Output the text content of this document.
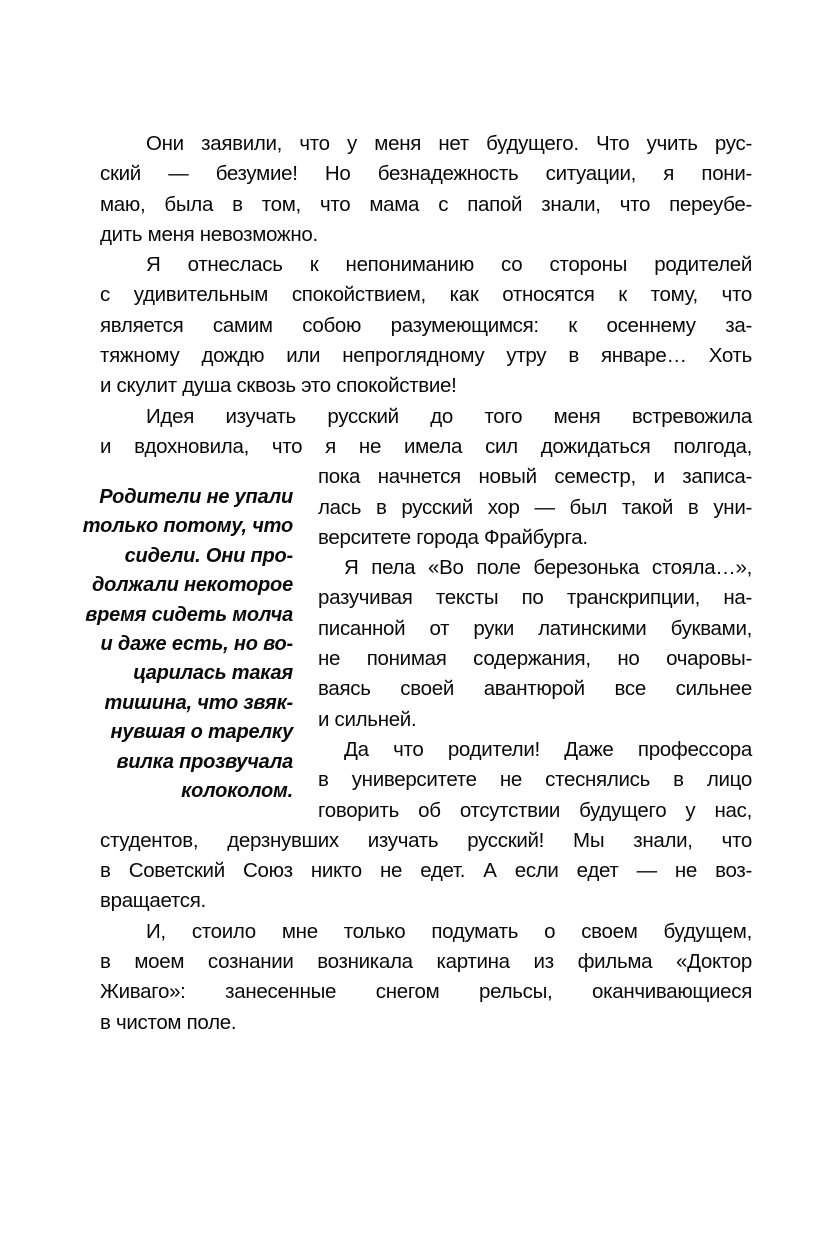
Родители не упали
только потому, что
сидели. Они про-
должали некоторое
время сидеть молча
и даже есть, но во-
царилась такая
тишина, что звяк-
нувшая о тарелку
вилка прозвучала
колоколом.
Они заявили, что у меня нет будущего. Что учить рус-
ский — безумие! Но безнадежность ситуации, я пони-
маю, была в том, что мама с папой знали, что переубе-
дить меня невозможно.
Я отнеслась к непониманию со стороны родителей
с удивительным спокойствием, как относятся к тому, что
является самим собою разумеющимся: к осеннему за-
тяжному дождю или непроглядному утру в январе… Хоть
и скулит душа сквозь это спокойствие!
Идея изучать русский до того меня встревожила
и вдохновила, что я не имела сил дожидаться полгода,
пока начнется новый семестр, и записа-
лась в русский хор — был такой в уни-
верситете города Фрайбурга.
Я пела «Во поле березонька стояла…»,
разучивая тексты по транскрипции, на-
писанной от руки латинскими буквами,
не понимая содержания, но очаровы-
ваясь своей авантюрой все сильнее
и сильней.
Да что родители! Даже профессора
в университете не стеснялись в лицо
говорить об отсутствии будущего у нас,
студентов, дерзнувших изучать русский! Мы знали, что
в Советский Союз никто не едет. А если едет — не воз-
вращается.
И, стоило мне только подумать о своем будущем,
в моем сознании возникала картина из фильма «Доктор
Живаго»: занесенные снегом рельсы, оканчивающиеся
в чистом поле.
